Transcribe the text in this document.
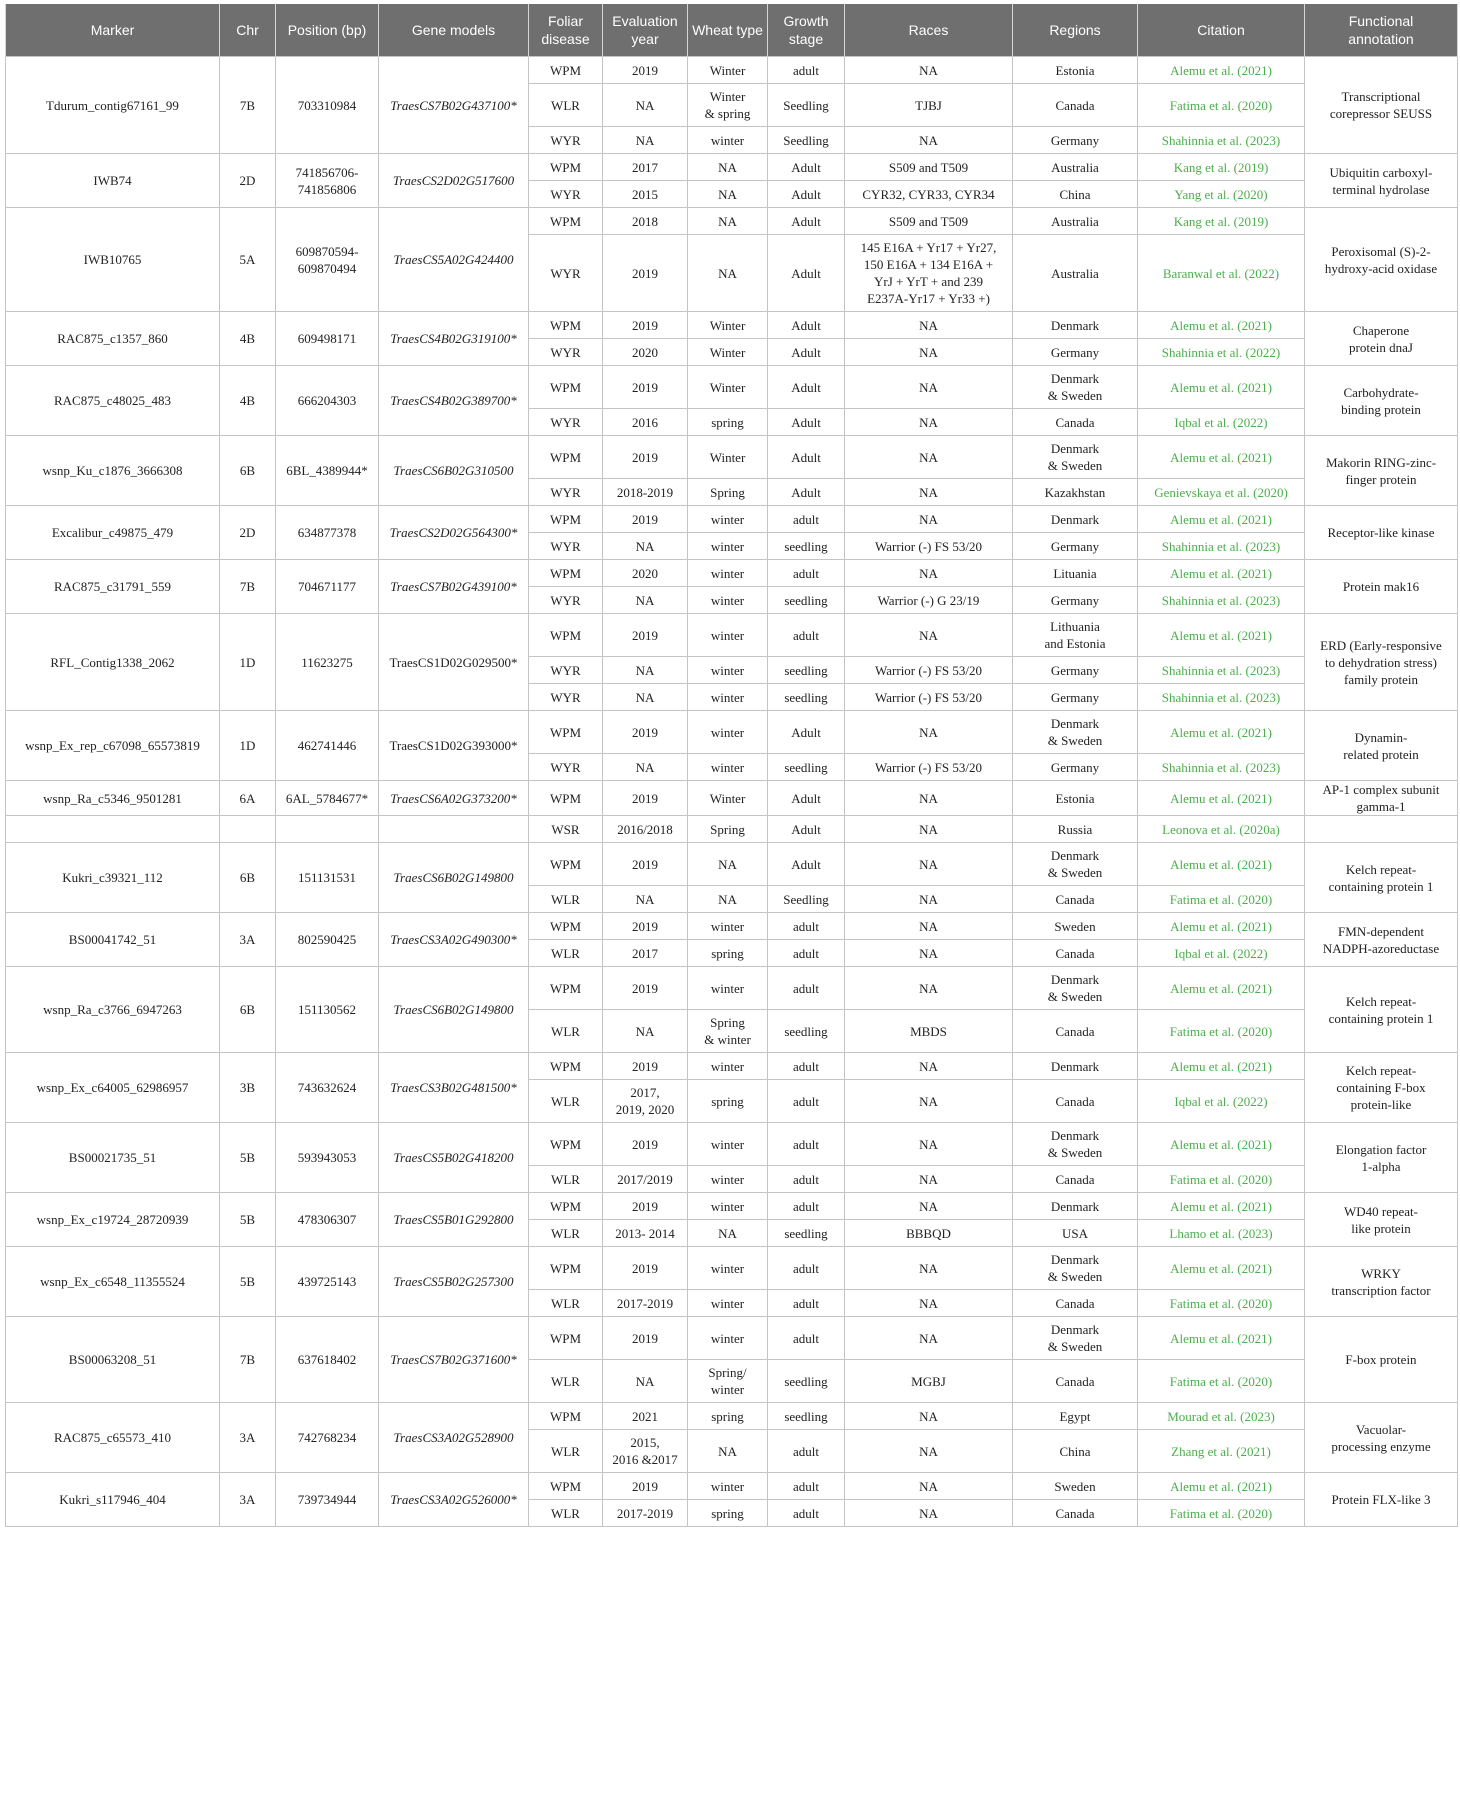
Marker	Chr	Position (bp)	Gene models	Foliar
disease	Evaluation
year	Wheat type	Growth
stage	Races	Regions	Citation	Functional
annotation
Tdurum_contig67161_99	7B	703310984	TraesCS7B02G437100*	WPM	2019	Winter	adult	NA	Estonia	Alemu et al. (2021)	Transcriptional
corepressor SEUSS
				WLR	NA	Winter
& spring	Seedling	TJBJ	Canada	Fatima et al. (2020)	
				WYR	NA	winter	Seedling	NA	Germany	Shahinnia et al. (2023)	
IWB74	2D	741856706-
741856806	TraesCS2D02G517600	WPM	2017	NA	Adult	S509 and T509	Australia	Kang et al. (2019)	Ubiquitin carboxyl-
terminal hydrolase
				WYR	2015	NA	Adult	CYR32, CYR33, CYR34	China	Yang et al. (2020)	
IWB10765	5A	609870594-
609870494	TraesCS5A02G424400	WPM	2018	NA	Adult	S509 and T509	Australia	Kang et al. (2019)	Peroxisomal (S)-2-
hydroxy-acid oxidase
				WYR	2019	NA	Adult	145 E16A + Yr17 + Yr27,
150 E16A + 134 E16A +
YrJ + YrT + and 239
E237A-Yr17 + Yr33 +)	Australia	Baranwal et al. (2022)	
RAC875_c1357_860	4B	609498171	TraesCS4B02G319100*	WPM	2019	Winter	Adult	NA	Denmark	Alemu et al. (2021)	Chaperone
protein dnaJ
				WYR	2020	Winter	Adult	NA	Germany	Shahinnia et al. (2022)	
RAC875_c48025_483	4B	666204303	TraesCS4B02G389700*	WPM	2019	Winter	Adult	NA	Denmark
& Sweden	Alemu et al. (2021)	Carbohydrate-
binding protein
				WYR	2016	spring	Adult	NA	Canada	Iqbal et al. (2022)	
wsnp_Ku_c1876_3666308	6B	6BL_4389944*	TraesCS6B02G310500	WPM	2019	Winter	Adult	NA	Denmark
& Sweden	Alemu et al. (2021)	Makorin RING-zinc-
finger protein
				WYR	2018-2019	Spring	Adult	NA	Kazakhstan	Genievskaya et al. (2020)	
Excalibur_c49875_479	2D	634877378	TraesCS2D02G564300*	WPM	2019	winter	adult	NA	Denmark	Alemu et al. (2021)	Receptor-like kinase
				WYR	NA	winter	seedling	Warrior (-) FS 53/20	Germany	Shahinnia et al. (2023)	
RAC875_c31791_559	7B	704671177	TraesCS7B02G439100*	WPM	2020	winter	adult	NA	Lituania	Alemu et al. (2021)	Protein mak16
				WYR	NA	winter	seedling	Warrior (-) G 23/19	Germany	Shahinnia et al. (2023)	
RFL_Contig1338_2062	1D	11623275	TraesCS1D02G029500*	WPM	2019	winter	adult	NA	Lithuania
and Estonia	Alemu et al. (2021)	ERD (Early-responsive
to dehydration stress)
family protein
				WYR	NA	winter	seedling	Warrior (-) FS 53/20	Germany	Shahinnia et al. (2023)	
				WYR	NA	winter	seedling	Warrior (-) FS 53/20	Germany	Shahinnia et al. (2023)	
wsnp_Ex_rep_c67098_65573819	1D	462741446	TraesCS1D02G393000*	WPM	2019	winter	Adult	NA	Denmark
& Sweden	Alemu et al. (2021)	Dynamin-
related protein
				WYR	NA	winter	seedling	Warrior (-) FS 53/20	Germany	Shahinnia et al. (2023)	
wsnp_Ra_c5346_9501281	6A	6AL_5784677*	TraesCS6A02G373200*	WPM	2019	Winter	Adult	NA	Estonia	Alemu et al. (2021)	AP-1 complex subunit
gamma-1
				WSR	2016/2018	Spring	Adult	NA	Russia	Leonova et al. (2020a)	
Kukri_c39321_112	6B	151131531	TraesCS6B02G149800	WPM	2019	NA	Adult	NA	Denmark
& Sweden	Alemu et al. (2021)	Kelch repeat-
containing protein 1
				WLR	NA	NA	Seedling	NA	Canada	Fatima et al. (2020)	
BS00041742_51	3A	802590425	TraesCS3A02G490300*	WPM	2019	winter	adult	NA	Sweden	Alemu et al. (2021)	FMN-dependent
NADPH-azoreductase
				WLR	2017	spring	adult	NA	Canada	Iqbal et al. (2022)	
wsnp_Ra_c3766_6947263	6B	151130562	TraesCS6B02G149800	WPM	2019	winter	adult	NA	Denmark
& Sweden	Alemu et al. (2021)	Kelch repeat-
containing protein 1
				WLR	NA	Spring
& winter	seedling	MBDS	Canada	Fatima et al. (2020)	
wsnp_Ex_c64005_62986957	3B	743632624	TraesCS3B02G481500*	WPM	2019	winter	adult	NA	Denmark	Alemu et al. (2021)	Kelch repeat-
containing F-box
protein-like
				WLR	2017,
2019, 2020	spring	adult	NA	Canada	Iqbal et al. (2022)	
BS00021735_51	5B	593943053	TraesCS5B02G418200	WPM	2019	winter	adult	NA	Denmark
& Sweden	Alemu et al. (2021)	Elongation factor
1-alpha
				WLR	2017/2019	winter	adult	NA	Canada	Fatima et al. (2020)	
wsnp_Ex_c19724_28720939	5B	478306307	TraesCS5B01G292800	WPM	2019	winter	adult	NA	Denmark	Alemu et al. (2021)	WD40 repeat-
like protein
				WLR	2013- 2014	NA	seedling	BBBQD	USA	Lhamo et al. (2023)	
wsnp_Ex_c6548_11355524	5B	439725143	TraesCS5B02G257300	WPM	2019	winter	adult	NA	Denmark
& Sweden	Alemu et al. (2021)	WRKY
transcription factor
				WLR	2017-2019	winter	adult	NA	Canada	Fatima et al. (2020)	
BS00063208_51	7B	637618402	TraesCS7B02G371600*	WPM	2019	winter	adult	NA	Denmark
& Sweden	Alemu et al. (2021)	F-box protein
				WLR	NA	Spring/
winter	seedling	MGBJ	Canada	Fatima et al. (2020)	
RAC875_c65573_410	3A	742768234	TraesCS3A02G528900	WPM	2021	spring	seedling	NA	Egypt	Mourad et al. (2023)	Vacuolar-
processing enzyme
				WLR	2015,
2016 &2017	NA	adult	NA	China	Zhang et al. (2021)	
Kukri_s117946_404	3A	739734944	TraesCS3A02G526000*	WPM	2019	winter	adult	NA	Sweden	Alemu et al. (2021)	Protein FLX-like 3
				WLR	2017-2019	spring	adult	NA	Canada	Fatima et al. (2020)	
